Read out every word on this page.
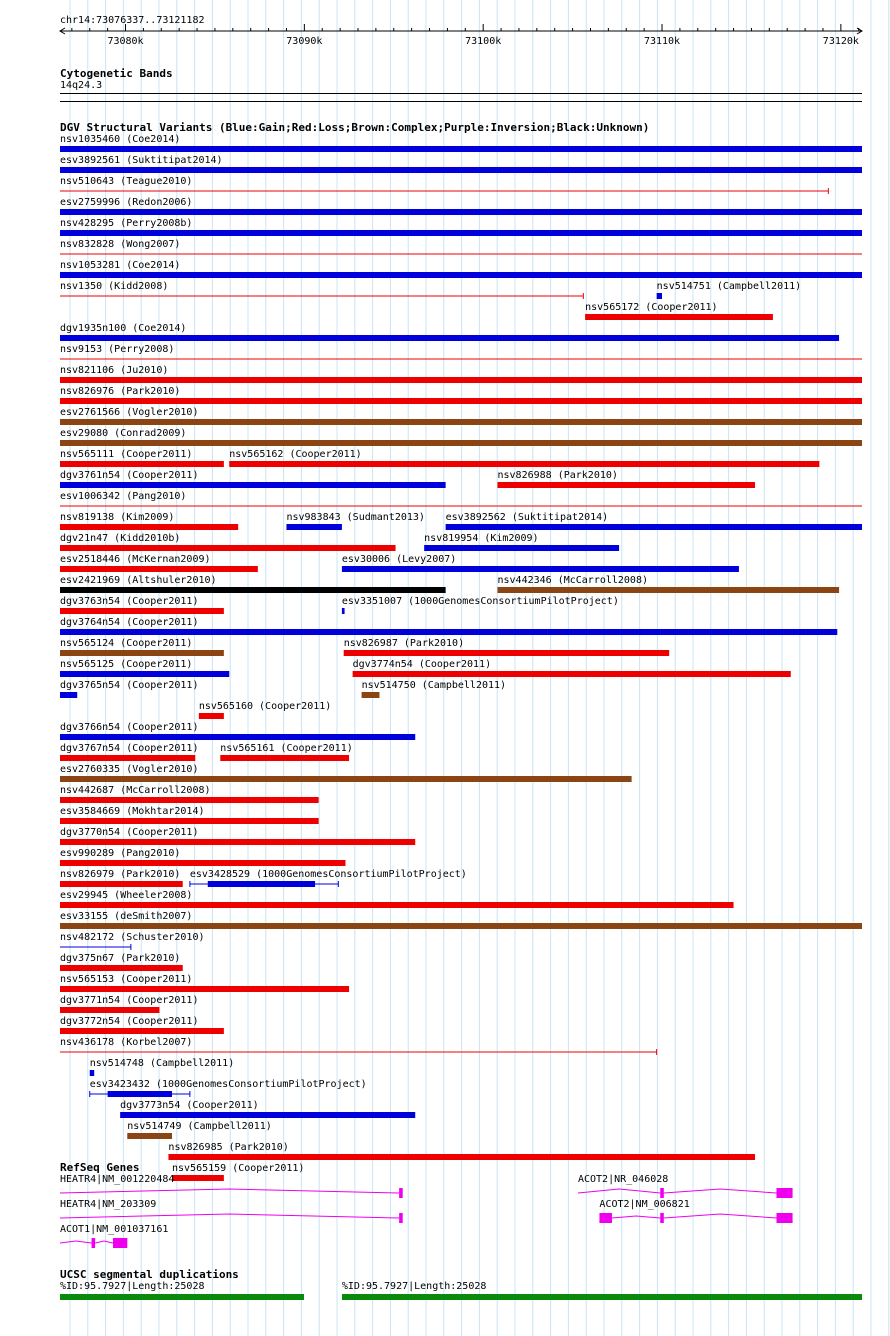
chr14:73076337..73121182
73080k	73090k	73100k	73110k	73120k
Cytogenetic Bands
14q24.3
DGV Structural Variants (Blue:Gain;Red:Loss;Brown:Complex;Purple:Inversion;Black:Unknown)
nsv1035460 (Coe2014)
esv3892561 (Suktitipat2014)
nsv510643 (Teague2010)
esv2759996 (Redon2006)
nsv428295 (Perry2008b)
nsv832828 (Wong2007)
nsv1053281 (Coe2014)
nsv1350 (Kidd2008)
nsv565172 (Cooper2011)
dgv1935n100 (Coe2014)
nsv9153 (Perry2008)
nsv821106 (Ju2010)
nsv826976 (Park2010)
esv2761566 (Vogler2010)
esv29080 (Conrad2009)
nsv565111 (Cooper2011)	nsv565162 (Cooper2011)
dgv3761n54 (Cooper2011)	nsv826988 (Park2010)
esv1006342 (Pang2010)
nsv819138 (Kim2009)	nsv983843 (Sudmant2013) esv3892562 (Suktitipat2014)
dgv21n47 (Kidd2010b)	nsv819954 (Kim2009)
nsv514751 (Campbell2011)
esv2518446 (McKernan2009)	esv30006 (Levy2007)
esv2421969 (Altshuler2010)	nsv442346 (McCarroll2008)
dgv3763n54 (Cooper2011)	esv3351007 (1000GenomesConsortiumPilotProject)
dgv3764n54 (Cooper2011)
nsv565124 (Cooper2011)	nsv826987 (Park2010)
nsv565125 (Cooper2011)	dgv3774n54 (Cooper2011)
dgv3765n54 (Cooper2011)
nsv565160 (Cooper2011)
nsv514750 (Campbell2011)
dgv3766n54 (Cooper2011)
dgv3767n54 (Cooper2011) nsv565161 (Cooper2011)
esv2760335 (Vogler2010)
nsv442687 (McCarroll2008)
esv3584669 (Mokhtar2014)
dgv3770n54 (Cooper2011)
esv990289 (Pang2010)
nsv826979 (Park2010) esv3428529 (1000GenomesConsortiumPilotProject)
esv29945 (Wheeler2008)
esv33155 (deSmith2007)
nsv482172 (Schuster2010)
dgv375n67 (Park2010)
nsv565153 (Cooper2011)
dgv3771n54 (Cooper2011)
dgv3772n54 (Cooper2011)
nsv436178 (Korbel2007)
nsv514748 (Campbell2011)
esv3423432 (1000GenomesConsortiumPilotProject)
dgv3773n54 (Cooper2011)
nsv514749 (Campbell2011)
nsv826985 (Park2010)
nsv565159 (Cooper2011)
RefSeq Genes
HEATR4|NM_001220484	ACOT2|NR_046028
HEATR4|NM_203309	ACOT2|NM_006821
ACOT1|NM_001037161
UCSC segmental duplications
%ID:95.7927|Length:25028	%ID:95.7927|Length:25028
